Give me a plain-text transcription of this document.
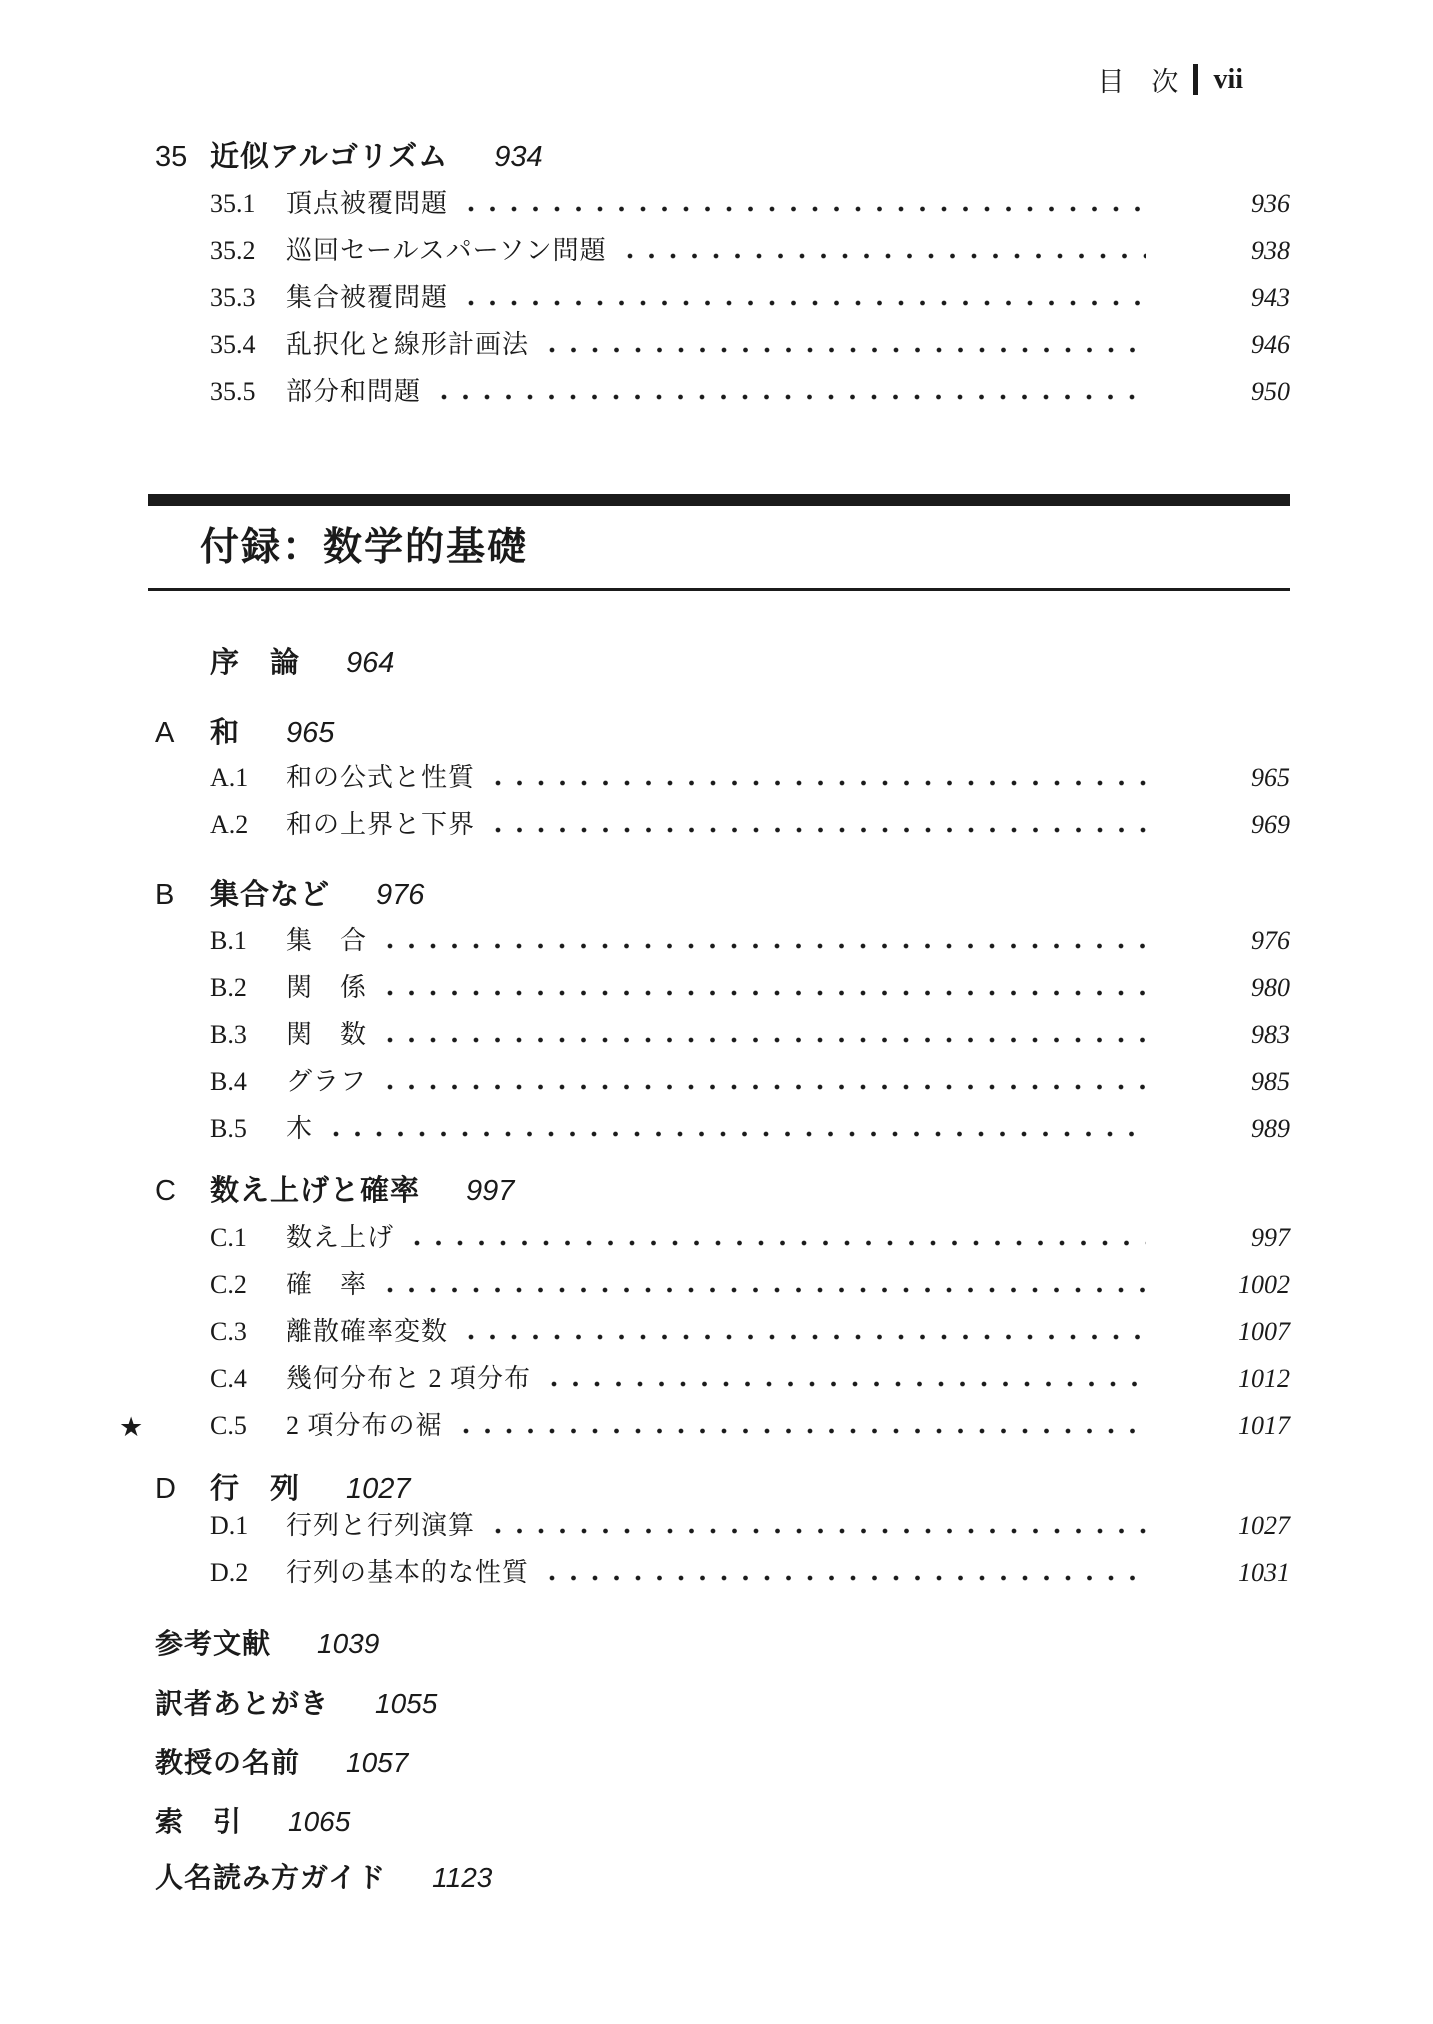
目　次 vii
35 近似アルゴリズム 934
35.1	頂点被覆問題	936
35.2	巡回セールスパーソン問題	938
35.3	集合被覆問題	943
35.4	乱択化と線形計画法	946
35.5	部分和問題	950
付録：数学的基礎
序　論 964
A	和 965
A.1	和の公式と性質	965
A.2	和の上界と下界	969
B	集合など 976
B.1	集　合	976
B.2	関　係	980
B.3	関　数	983
B.4	グラフ	985
B.5	木	989
C	数え上げと確率 997
C.1	数え上げ	997
C.2	確　率	1002
C.3	離散確率変数	1007
C.4	幾何分布と 2 項分布	1012
★	C.5	2 項分布の裾	1017
D	行　列 1027
D.1	行列と行列演算	1027
D.2	行列の基本的な性質	1031
参考文献 1039
訳者あとがき 1055
教授の名前 1057
索　引 1065
人名読み方ガイド 1123
